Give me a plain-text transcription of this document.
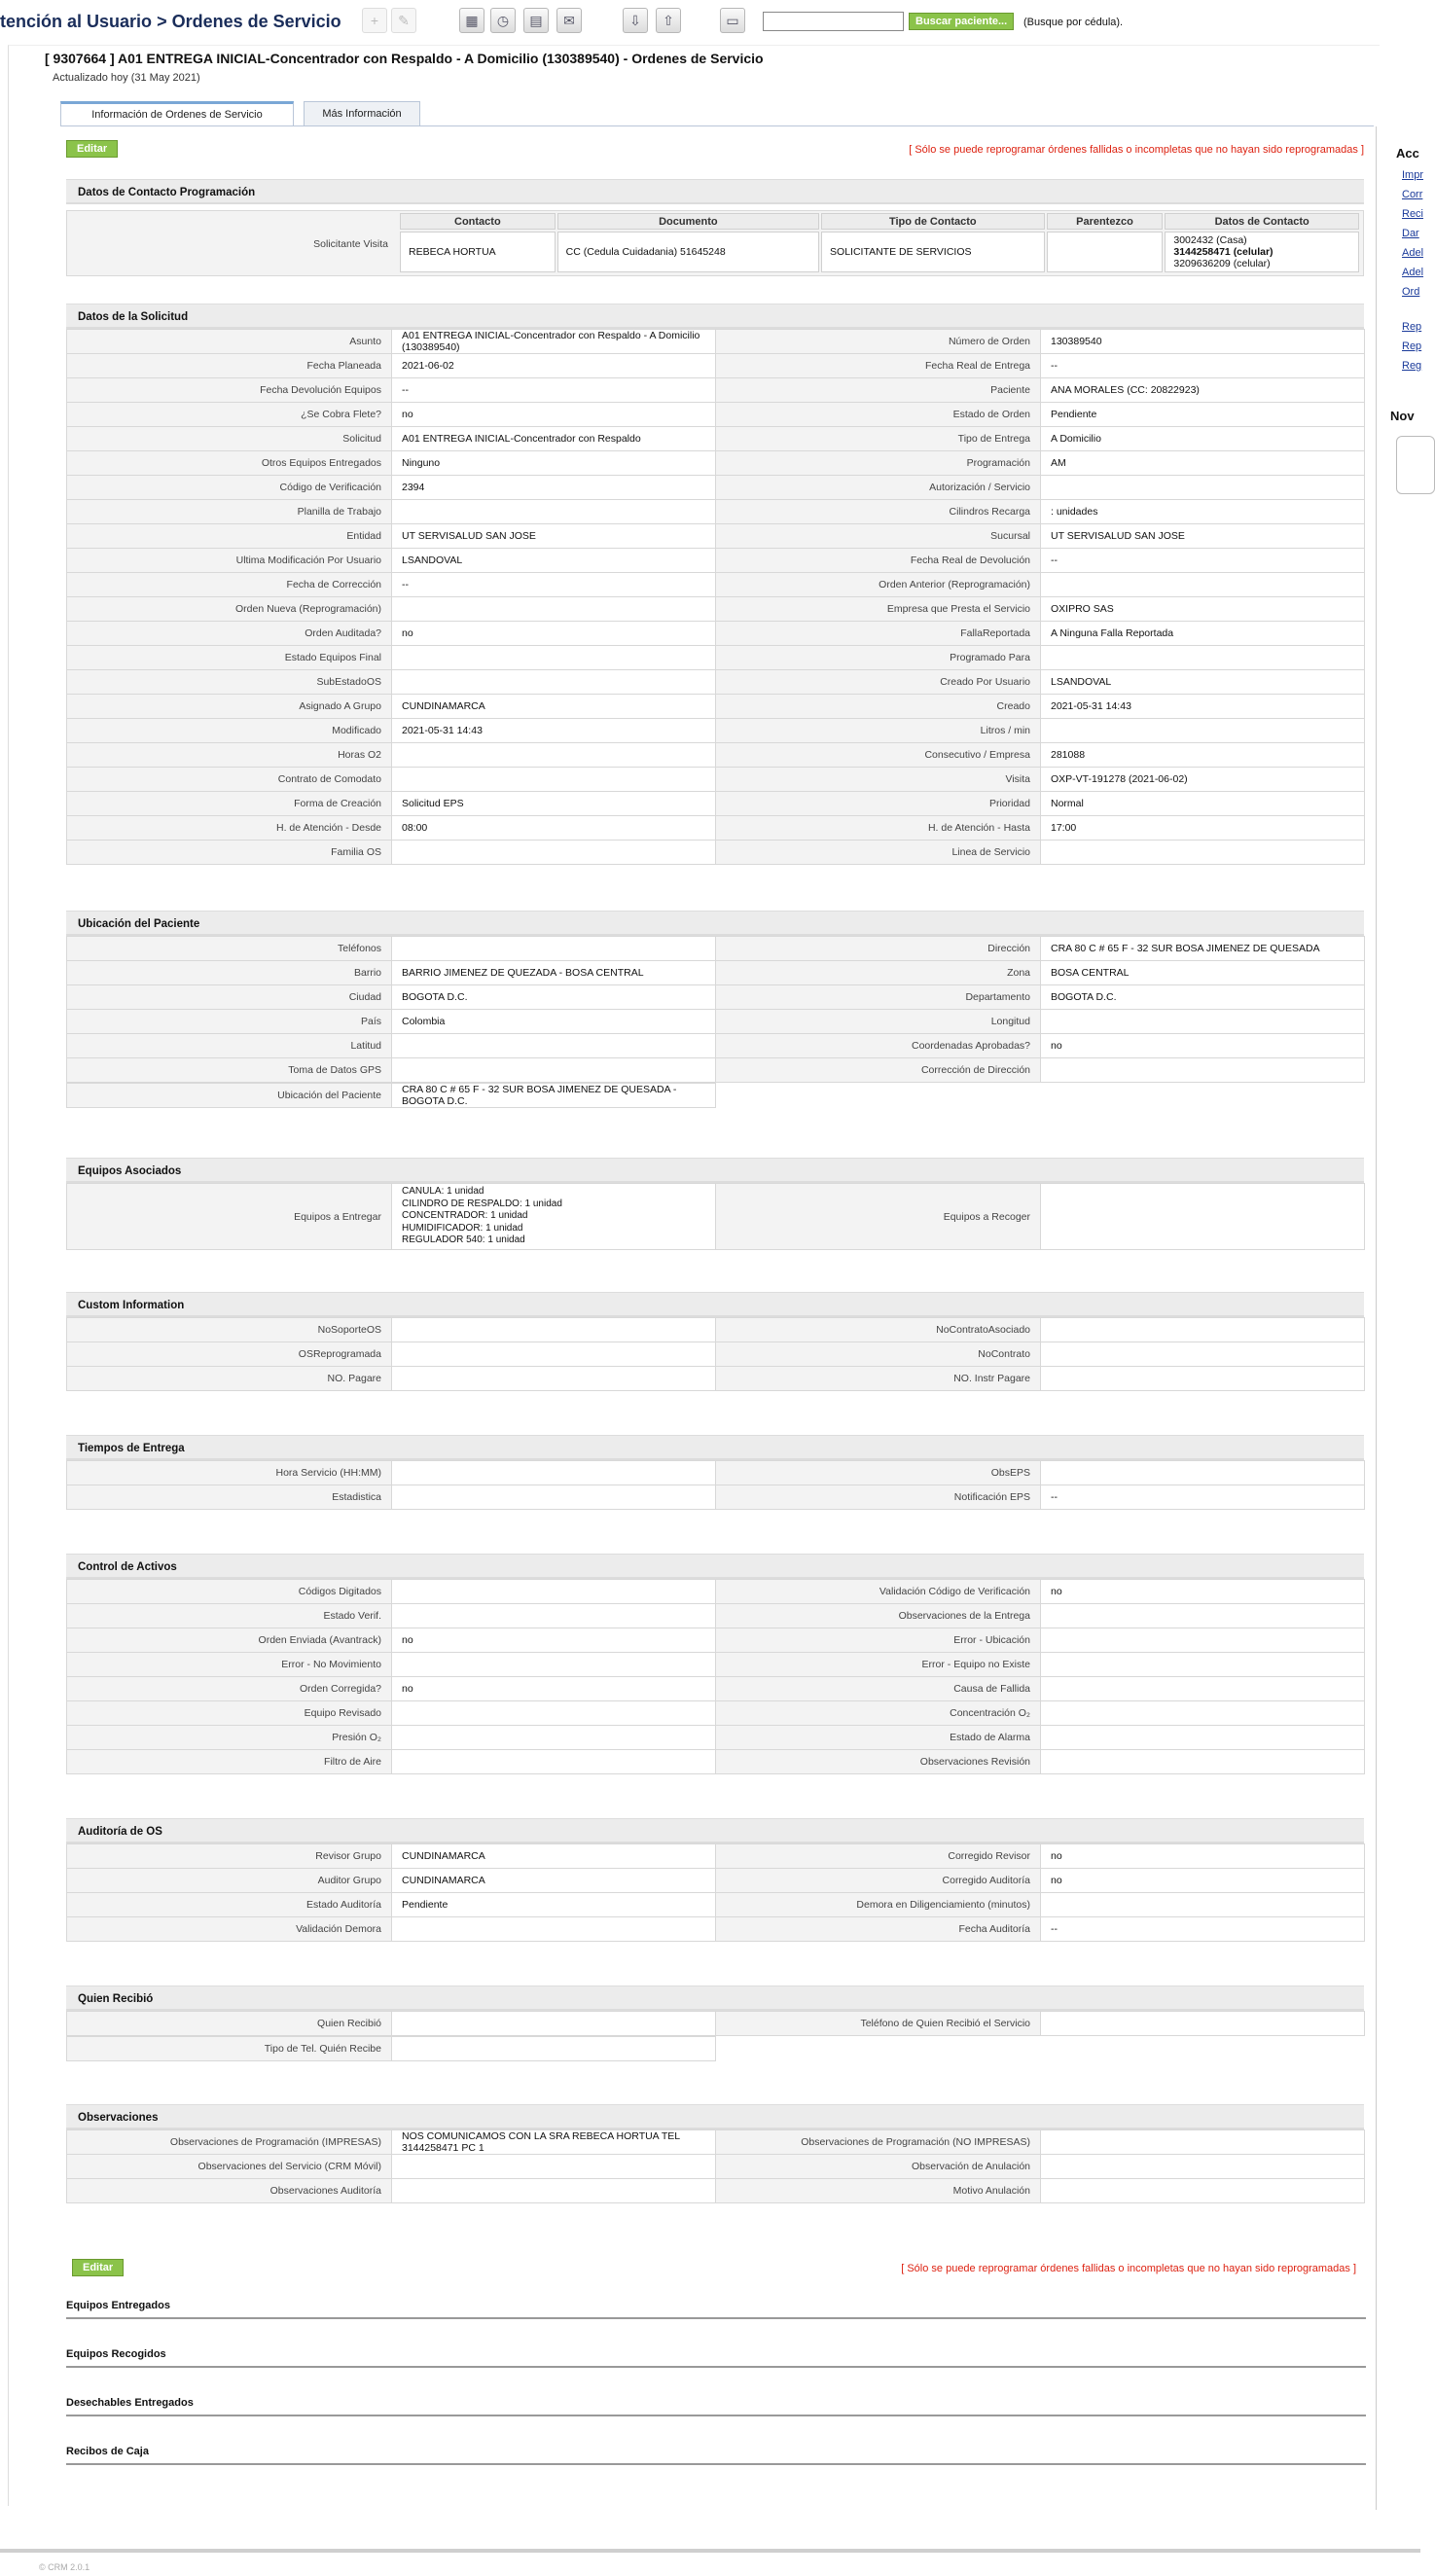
tención al Usuario > Ordenes de Servicio	+	✎	▦	◷	▤	✉	⇩	⇧	▭	Buscar paciente...	(Busque por cédula).
[ 9307664 ] A01 ENTREGA INICIAL-Concentrador con Respaldo - A Domicilio (130389540) - Ordenes de Servicio
Actualizado hoy (31 May 2021)
Información de Ordenes de Servicio	Más Información
Acc
Impr
Corr
Reci
Dar
Adel
Adel
Ord
Rep
Rep
Reg
Nov
Editar	[ Sólo se puede reprogramar órdenes fallidas o incompletas que no hayan sido reprogramadas ]
Datos de Contacto Programación
Solicitante Visita
Contacto	Documento	Tipo de Contacto	Parentezco	Datos de Contacto
REBECA HORTUA	CC (Cedula Cuidadania) 51645248	SOLICITANTE DE SERVICIOS		3002432 (Casa)
3144258471 (celular)
3209636209 (celular)
Datos de la Solicitud
Asunto	A01 ENTREGA INICIAL-Concentrador con Respaldo - A Domicilio (130389540)	Número de Orden	130389540
Fecha Planeada	2021-06-02	Fecha Real de Entrega	--
Fecha Devolución Equipos	--	Paciente	ANA MORALES (CC: 20822923)
¿Se Cobra Flete?	no	Estado de Orden	Pendiente
Solicitud	A01 ENTREGA INICIAL-Concentrador con Respaldo	Tipo de Entrega	A Domicilio
Otros Equipos Entregados	Ninguno	Programación	AM
Código de Verificación	2394	Autorización / Servicio	
Planilla de Trabajo		Cilindros Recarga	: unidades
Entidad	UT SERVISALUD SAN JOSE	Sucursal	UT SERVISALUD SAN JOSE
Ultima Modificación Por Usuario	LSANDOVAL	Fecha Real de Devolución	--
Fecha de Corrección	--	Orden Anterior (Reprogramación)	
Orden Nueva (Reprogramación)		Empresa que Presta el Servicio	OXIPRO SAS
Orden Auditada?	no	FallaReportada	A Ninguna Falla Reportada
Estado Equipos Final		Programado Para	
SubEstadoOS		Creado Por Usuario	LSANDOVAL
Asignado A Grupo	CUNDINAMARCA	Creado	2021-05-31 14:43
Modificado	2021-05-31 14:43	Litros / min	
Horas O2		Consecutivo / Empresa	281088
Contrato de Comodato		Visita	OXP-VT-191278 (2021-06-02)
Forma de Creación	Solicitud EPS	Prioridad	Normal
H. de Atención - Desde	08:00	H. de Atención - Hasta	17:00
Familia OS		Linea de Servicio	
Ubicación del Paciente
Teléfonos		Dirección	CRA 80 C # 65 F - 32 SUR BOSA JIMENEZ DE QUESADA
Barrio	BARRIO JIMENEZ DE QUEZADA - BOSA CENTRAL	Zona	BOSA CENTRAL
Ciudad	BOGOTA D.C.	Departamento	BOGOTA D.C.
País	Colombia	Longitud	
Latitud		Coordenadas Aprobadas?	no
Toma de Datos GPS		Corrección de Dirección	
Ubicación del Paciente	CRA 80 C # 65 F - 32 SUR BOSA JIMENEZ DE QUESADA - BOGOTA D.C.	
Equipos Asociados
Equipos a Entregar	
CANULA: 1 unidad
CILINDRO DE RESPALDO: 1 unidad
CONCENTRADOR: 1 unidad
HUMIDIFICADOR: 1 unidad
REGULADOR 540: 1 unidad
	Equipos a Recoger	
Custom Information
NoSoporteOS		NoContratoAsociado	
OSReprogramada		NoContrato	
NO. Pagare		NO. Instr Pagare	
Tiempos de Entrega
Hora Servicio (HH:MM)		ObsEPS	
Estadistica		Notificación EPS	--
Control de Activos
Códigos Digitados		Validación Código de Verificación	no
Estado Verif.		Observaciones de la Entrega	
Orden Enviada (Avantrack)	no	Error - Ubicación	
Error - No Movimiento		Error - Equipo no Existe	
Orden Corregida?	no	Causa de Fallida	
Equipo Revisado		Concentración O₂	
Presión O₂		Estado de Alarma	
Filtro de Aire		Observaciones Revisión	
Auditoría de OS
Revisor Grupo	CUNDINAMARCA	Corregido Revisor	no
Auditor Grupo	CUNDINAMARCA	Corregido Auditoría	no
Estado Auditoría	Pendiente	Demora en Diligenciamiento (minutos)	
Validación Demora		Fecha Auditoría	--
Quien Recibió
Quien Recibió		Teléfono de Quien Recibió el Servicio	
Tipo de Tel. Quién Recibe		
Observaciones
Observaciones de Programación (IMPRESAS)	NOS COMUNICAMOS CON LA SRA REBECA HORTUA TEL 3144258471 PC 1	Observaciones de Programación (NO IMPRESAS)	
Observaciones del Servicio (CRM Móvil)		Observación de Anulación	
Observaciones Auditoría		Motivo Anulación	
Editar	[ Sólo se puede reprogramar órdenes fallidas o incompletas que no hayan sido reprogramadas ]
Equipos Entregados
Equipos Recogidos
Desechables Entregados
Recibos de Caja
© CRM 2.0.1
